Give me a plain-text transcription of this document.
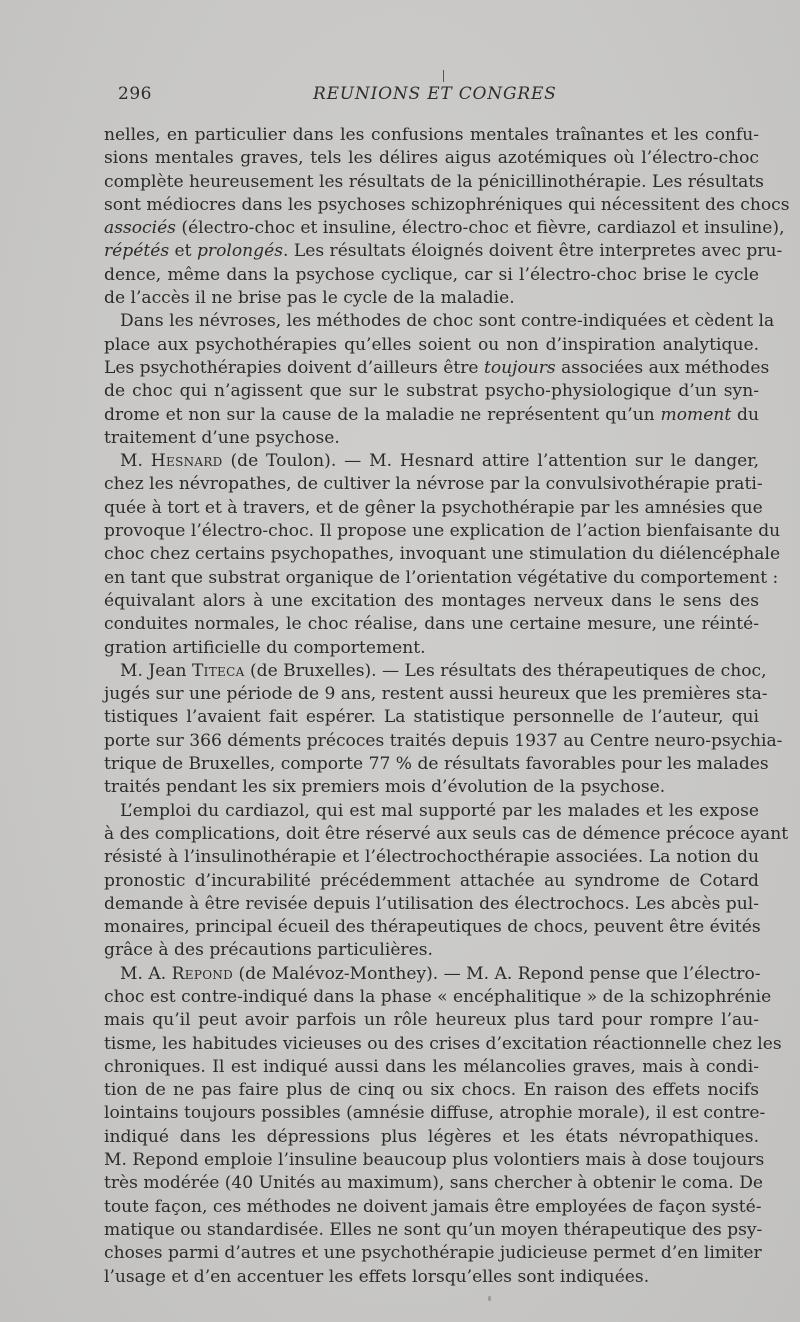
296	REUNIONS ET CONGRES
nelles, en particulier dans les confusions mentales traînantes et les confu-
sions mentales graves, tels les délires aigus azotémiques où l’électro-choc
complète heureusement les résultats de la pénicillinothérapie. Les résultats
sont médiocres dans les psychoses schizophréniques qui nécessitent des chocs
associés (électro-choc et insuline, électro-choc et fièvre, cardiazol et insuline),
répétés et prolongés. Les résultats éloignés doivent être interpretes avec pru-
dence, même dans la psychose cyclique, car si l’électro-choc brise le cycle
de l’accès il ne brise pas le cycle de la maladie.
Dans les névroses, les méthodes de choc sont contre-indiquées et cèdent la
place aux psychothérapies qu’elles soient ou non d’inspiration analytique.
Les psychothérapies doivent d’ailleurs être toujours associées aux méthodes
de choc qui n’agissent que sur le substrat psycho-physiologique d’un syn-
drome et non sur la cause de la maladie ne représentent qu’un moment du
traitement d’une psychose.
M. Hesnard (de Toulon). — M. Hesnard attire l’attention sur le danger,
chez les névropathes, de cultiver la névrose par la convulsivothérapie prati-
quée à tort et à travers, et de gêner la psychothérapie par les amnésies que
provoque l’électro-choc. Il propose une explication de l’action bienfaisante du
choc chez certains psychopathes, invoquant une stimulation du diélencéphale
en tant que substrat organique de l’orientation végétative du comportement :
équivalant alors à une excitation des montages nerveux dans le sens des
conduites normales, le choc réalise, dans une certaine mesure, une réinté-
gration artificielle du comportement.
M. Jean Titeca (de Bruxelles). — Les résultats des thérapeutiques de choc,
jugés sur une période de 9 ans, restent aussi heureux que les premières sta-
tistiques l’avaient fait espérer. La statistique personnelle de l’auteur, qui
porte sur 366 déments précoces traités depuis 1937 au Centre neuro-psychia-
trique de Bruxelles, comporte 77 % de résultats favorables pour les malades
traités pendant les six premiers mois d’évolution de la psychose.
L’emploi du cardiazol, qui est mal supporté par les malades et les expose
à des complications, doit être réservé aux seuls cas de démence précoce ayant
résisté à l’insulinothérapie et l’électrochocthérapie associées. La notion du
pronostic d’incurabilité précédemment attachée au syndrome de Cotard
demande à être revisée depuis l’utilisation des électrochocs. Les abcès pul-
monaires, principal écueil des thérapeutiques de chocs, peuvent être évités
grâce à des précautions particulières.
M. A. Repond (de Malévoz-Monthey). — M. A. Repond pense que l’électro-
choc est contre-indiqué dans la phase « encéphalitique » de la schizophrénie
mais qu’il peut avoir parfois un rôle heureux plus tard pour rompre l’au-
tisme, les habitudes vicieuses ou des crises d’excitation réactionnelle chez les
chroniques. Il est indiqué aussi dans les mélancolies graves, mais à condi-
tion de ne pas faire plus de cinq ou six chocs. En raison des effets nocifs
lointains toujours possibles (amnésie diffuse, atrophie morale), il est contre-
indiqué dans les dépressions plus légères et les états névropathiques.
M. Repond emploie l’insuline beaucoup plus volontiers mais à dose toujours
très modérée (40 Unités au maximum), sans chercher à obtenir le coma. De
toute façon, ces méthodes ne doivent jamais être employées de façon systé-
matique ou standardisée. Elles ne sont qu’un moyen thérapeutique des psy-
choses parmi d’autres et une psychothérapie judicieuse permet d’en limiter
l’usage et d’en accentuer les effets lorsqu’elles sont indiquées.
